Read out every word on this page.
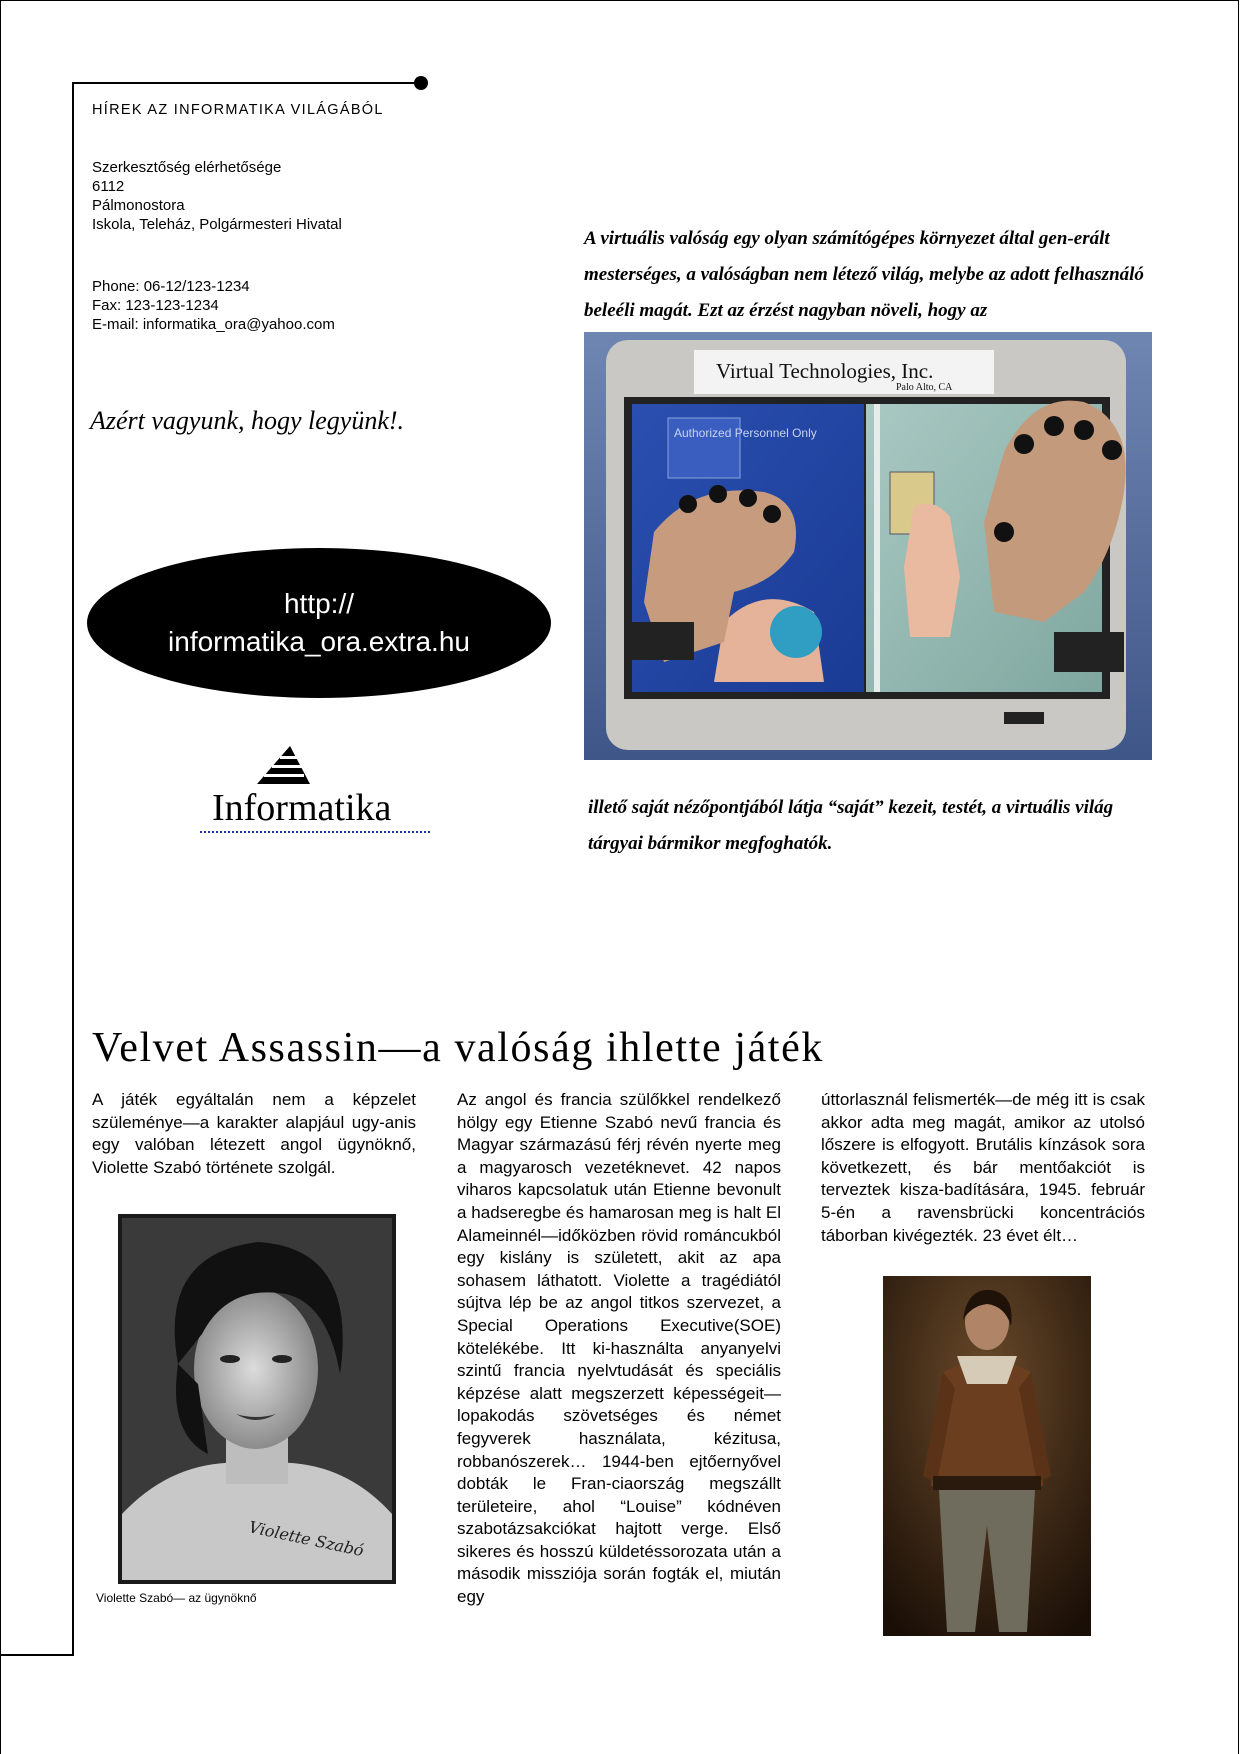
HÍREK AZ INFORMATIKA VILÁGÁBÓL
Szerkesztőség elérhetősége
6112
Pálmonostora
Iskola, Teleház, Polgármesteri Hivatal
Phone: 06-12/123-1234
Fax: 123-123-1234
E-mail: informatika_ora@yahoo.com
Azért vagyunk, hogy legyünk!.
http://
informatika_ora.extra.hu
Informatika
A virtuális valóság egy olyan számítógépes környezet által gen-erált mesterséges, a valóságban nem létező világ, melybe az adott felhasználó beleéli magát. Ezt az érzést nagyban növeli, hogy az
Virtual Technologies, Inc.
Palo Alto, CA
Authorized Personnel Only
illető saját nézőpontjából látja “saját” kezeit, testét, a virtuális világ tárgyai bármikor megfoghatók.
Velvet Assassin—a valóság ihlette játék
A játék egyáltalán nem a képzelet szüleménye—a karakter alapjául ugy-anis egy valóban létezett angol ügynöknő, Violette Szabó története szolgál.
Violette Szabó
Violette Szabó— az ügynöknő
Az angol és francia szülőkkel rendelkező hölgy egy Etienne Szabó nevű francia és Magyar származású férj révén nyerte meg a magyarosch vezetéknevet. 42 napos viharos kapcsolatuk után Etienne bevonult a hadseregbe és hamarosan meg is halt El Alameinnél—időközben rövid románcukból egy kislány is született, akit az apa sohasem láthatott. Violette a tragédiától sújtva lép be az angol titkos szervezet, a Special Operations Executive(SOE) kötelékébe. Itt ki-használta anyanyelvi szintű francia nyelvtudását és speciális képzése alatt megszerzett képességeit—lopakodás szövetséges és német fegyverek használata, kézitusa, robbanószerek… 1944-ben ejtőernyővel dobták le Fran-ciaország megszállt területeire, ahol “Louise” kódnéven szabotázsakciókat hajtott verge. Első sikeres és hosszú küldetéssorozata után a második missziója során fogták el, miután egy
úttorlasznál felismerték—de még itt is csak akkor adta meg magát, amikor az utolsó lőszere is elfogyott. Brutális kínzások sora következett, és bár mentőakciót is terveztek kisza-badítására, 1945. február 5-én a ravensbrücki koncentrációs táborban kivégezték. 23 évet élt…
